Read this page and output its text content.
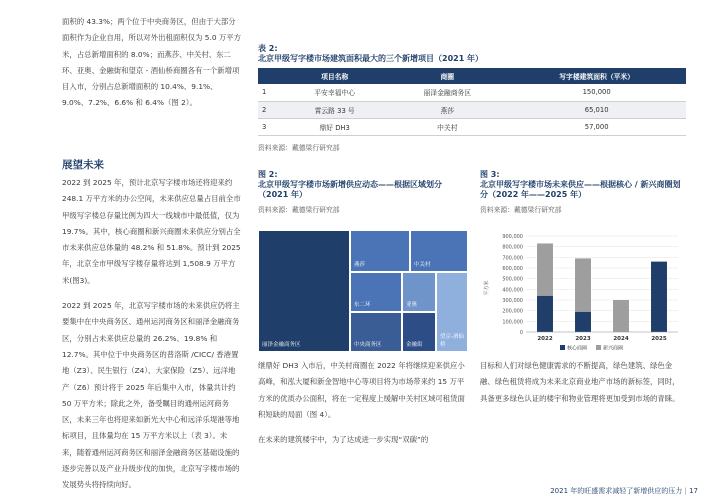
面积的 43.3%；两个位于中央商务区，但由于大部分面积作为企业自用，所以对外出租面积仅为 5.0 万平方米，占总新增面积的 8.0%；而燕莎、中关村、东二环、亚奥、金融街和望京 - 酒仙桥商圈各有一个新增项目入市，分别占总新增面积的 10.4%、9.1%、9.0%、7.2%、6.6% 和 6.4%（图 2）。

展望未来

2022 到 2025 年，预计北京写字楼市场还将迎来约 248.1 万平方米的办公空间，未来供应总量占目前全市甲级写字楼总存量比例为四大一线城市中最低值，仅为 19.7%。其中，核心商圈和新兴商圈未来供应分别占全市未来供应总体量的 48.2% 和 51.8%。预计到 2025 年，北京全市甲级写字楼存量将达到 1,508.9 万平方米(图3)。

2022 到 2025 年，北京写字楼市场的未来供应仍将主要集中在中央商务区、通州运河商务区和丽泽金融商务区，分别占未来供应总量的 26.2%、19.8% 和 12.7%。其中位于中央商务区的普洛斯 /CICC/ 香港置地（Z3）、民生银行（Z4）、大家保险（Z5）、远洋地产（Z6）预计将于 2025 年后集中入市，体量共计约 50 万平方米；除此之外，备受瞩目的通州运河商务区，未来三年也将迎来如新光大中心和远洋乐堤港等地标项目，且体量均在 15 万平方米以上（表 3）。未来，随着通州运河商务区和丽泽金融商务区基础设施的逐步完善以及产业升级步伐的加快，北京写字楼市场的发展势头将持续向好。

表 2:
北京甲级写字楼市场建筑面积最大的三个新增项目（2021 年）
	项目名称	商圈	写字楼建筑面积（平米）
1	平安幸福中心	丽泽金融商务区	150,000
2	霄云路 33 号	燕莎	65,010
3	鼎好 DH3	中关村	57,000
资料来源：戴德梁行研究部
图 2:
北京甲级写字楼市场新增供应动态——根据区域划分（2021 年）
资料来源：戴德梁行研究部
丽泽金融商务区
燕莎	中关村
东二环	亚奥
中央商务区	金融街
望京-酒仙桥

继鼎好 DH3 入市后，中关村商圈在 2022 年将继续迎来供应小高峰，和泓大厦和新金智地中心等项目将为市场带来约 15 万平方米的优质办公面积，将在一定程度上缓解中关村区域可租赁面积短缺的局面（图 4）。

在未来的建筑楼宇中，为了达成进一步实现“双碳”的

图 3:
北京甲级写字楼市场未来供应——根据核心 / 新兴商圈划分（2022 年——2025 年）
资料来源：戴德梁行研究部
平方米
0
100,000
200,000
300,000
400,000
500,000
600,000
700,000
800,000
900,000
2022	2023	2024	2025
核心商圈	新兴商圈

目标和人们对绿色健康需求的不断提高，绿色建筑、绿色金融、绿色租赁将成为未来北京商业地产市场的新标签，同时，具备更多绿色认证的楼宇和物业管理将更加受到市场的青睐。

2021 年的旺盛需求减轻了新增供应的压力 | 17
